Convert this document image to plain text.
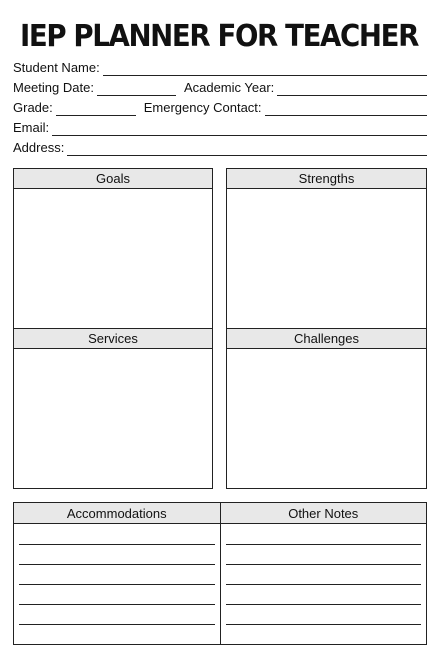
IEP PLANNER FOR TEACHER
Student Name:
Meeting Date:	Academic Year:
Grade:	Emergency Contact:
Email:
Address:
Goals	Strengths
Services	Challenges
Accommodations	Other Notes
